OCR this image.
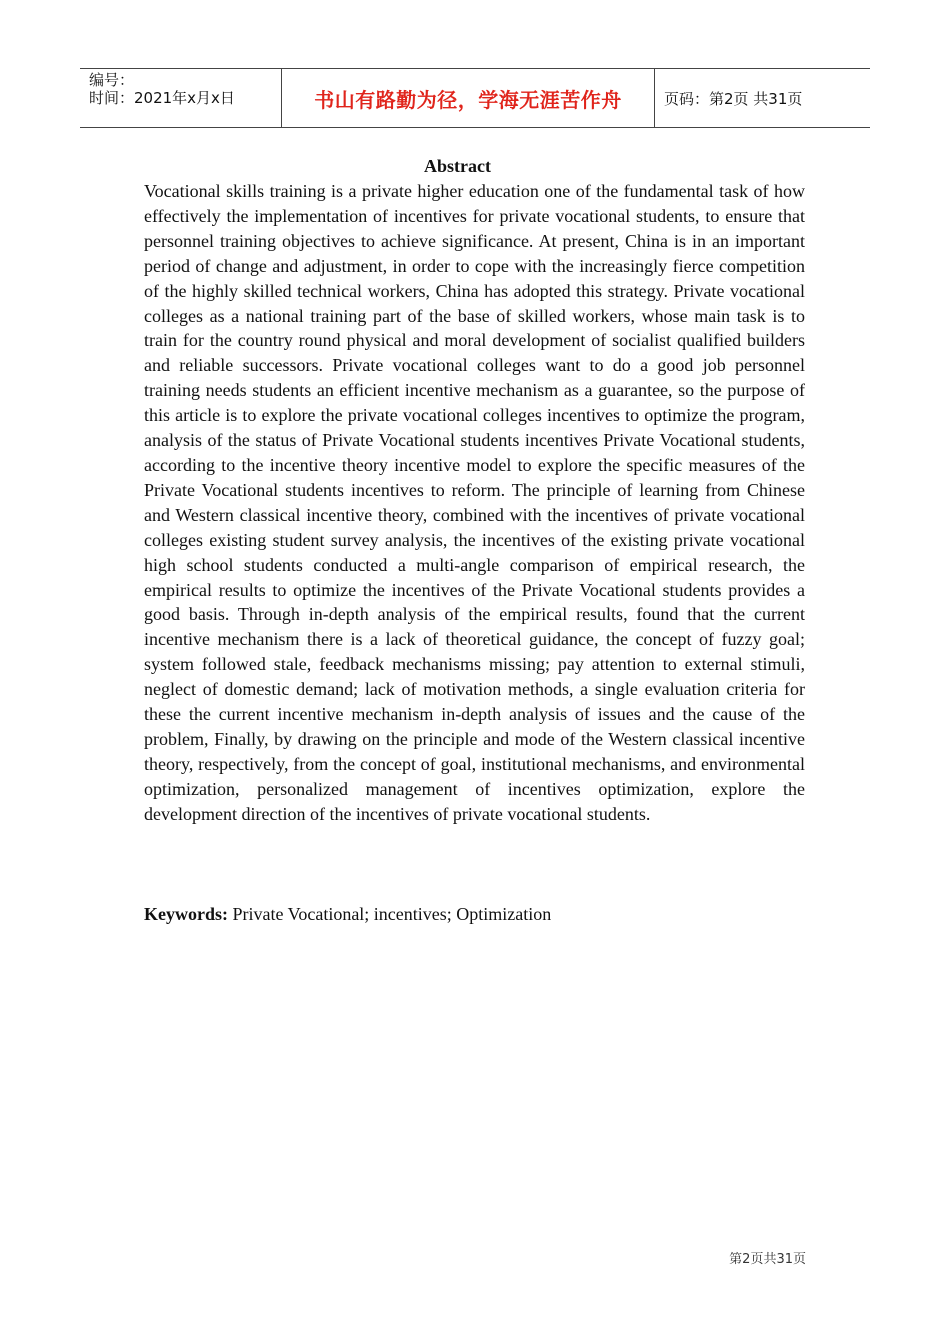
编号：
时间：2021年x月x日	书山有路勤为径，学海无涯苦作舟	页码：第2页 共31页
Abstract

Vocational skills training is a private higher education one of the fundamental task of how effectively the implementation of incentives for private vocational students, to ensure that personnel training objectives to achieve significance. At present, China is in an important period of change and adjustment, in order to cope with the increasingly fierce competition of the highly skilled technical workers, China has adopted this strategy. Private vocational colleges as a national training part of the base of skilled workers, whose main task is to train for the country round physical and moral development of socialist qualified builders and reliable successors. Private vocational colleges want to do a good job personnel training needs students an efficient incentive mechanism as a guarantee, so the purpose of this article is to explore the private vocational colleges incentives to optimize the program, analysis of the status of Private Vocational students incentives Private Vocational students, according to the incentive theory incentive model to explore the specific measures of the Private Vocational students incentives to reform. The principle of learning from Chinese and Western classical incentive theory, combined with the incentives of private vocational colleges existing student survey analysis, the incentives of the existing private vocational high school students conducted a multi-angle comparison of empirical research, the empirical results to optimize the incentives of the Private Vocational students provides a good basis. Through in-depth analysis of the empirical results, found that the current incentive mechanism there is a lack of theoretical guidance, the concept of fuzzy goal; system followed stale, feedback mechanisms missing; pay attention to external stimuli, neglect of domestic demand; lack of motivation methods, a single evaluation criteria for these the current incentive mechanism in-depth analysis of issues and the cause of the problem, Finally, by drawing on the principle and mode of the Western classical incentive theory, respectively, from the concept of goal, institutional mechanisms, and environmental optimization, personalized management of incentives optimization, explore the development direction of the incentives of private vocational students.

Keywords: Private Vocational; incentives; Optimization

第2页共31页
